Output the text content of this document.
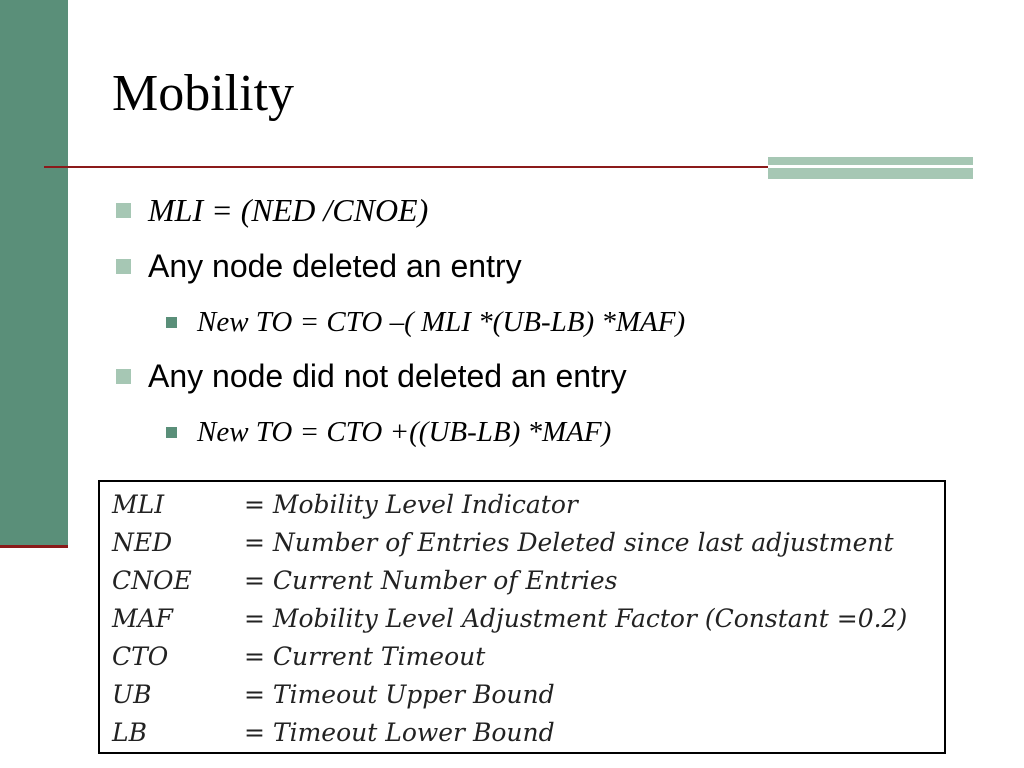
Mobility
MLI = (NED /CNOE)
Any node deleted an entry
New TO = CTO –( MLI *(UB-LB) *MAF)
Any node did not deleted an entry
New TO = CTO +((UB-LB) *MAF)
MLI	= Mobility Level Indicator
NED	= Number of Entries Deleted since last adjustment
CNOE	= Current Number of Entries
MAF	= Mobility Level Adjustment Factor (Constant =0.2)
CTO	= Current Timeout
UB	= Timeout Upper Bound
LB	= Timeout Lower Bound
